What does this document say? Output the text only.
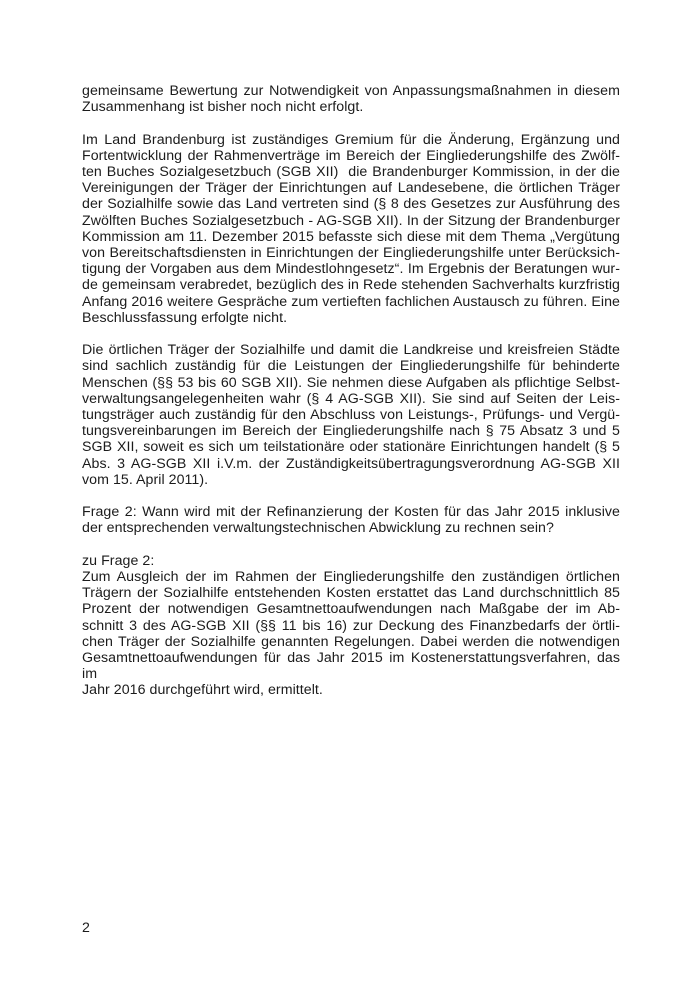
gemeinsame Bewertung zur Notwendigkeit von Anpassungsmaßnahmen in diesem
Zusammenhang ist bisher noch nicht erfolgt.
Im Land Brandenburg ist zuständiges Gremium für die Änderung, Ergänzung und
Fortentwicklung der Rahmenverträge im Bereich der Eingliederungshilfe des Zwölf-
ten Buches Sozialgesetzbuch (SGB XII)  die Brandenburger Kommission, in der die
Vereinigungen der Träger der Einrichtungen auf Landesebene, die örtlichen Träger
der Sozialhilfe sowie das Land vertreten sind (§ 8 des Gesetzes zur Ausführung des
Zwölften Buches Sozialgesetzbuch - AG-SGB XII). In der Sitzung der Brandenburger
Kommission am 11. Dezember 2015 befasste sich diese mit dem Thema „Vergütung
von Bereitschaftsdiensten in Einrichtungen der Eingliederungshilfe unter Berücksich-
tigung der Vorgaben aus dem Mindestlohngesetz“. Im Ergebnis der Beratungen wur-
de gemeinsam verabredet, bezüglich des in Rede stehenden Sachverhalts kurzfristig
Anfang 2016 weitere Gespräche zum vertieften fachlichen Austausch zu führen. Eine
Beschlussfassung erfolgte nicht.
Die örtlichen Träger der Sozialhilfe und damit die Landkreise und kreisfreien Städte
sind sachlich zuständig für die Leistungen der Eingliederungshilfe für behinderte
Menschen (§§ 53 bis 60 SGB XII). Sie nehmen diese Aufgaben als pflichtige Selbst-
verwaltungsangelegenheiten wahr (§ 4 AG-SGB XII). Sie sind auf Seiten der Leis-
tungsträger auch zuständig für den Abschluss von Leistungs-, Prüfungs- und Vergü-
tungsvereinbarungen im Bereich der Eingliederungshilfe nach § 75 Absatz 3 und 5
SGB XII, soweit es sich um teilstationäre oder stationäre Einrichtungen handelt (§ 5
Abs. 3 AG-SGB XII i.V.m. der Zuständigkeitsübertragungsverordnung AG-SGB XII
vom 15. April 2011).
Frage 2: Wann wird mit der Refinanzierung der Kosten für das Jahr 2015 inklusive
der entsprechenden verwaltungstechnischen Abwicklung zu rechnen sein?
zu Frage 2:
Zum Ausgleich der im Rahmen der Eingliederungshilfe den zuständigen örtlichen
Trägern der Sozialhilfe entstehenden Kosten erstattet das Land durchschnittlich 85
Prozent der notwendigen Gesamtnettoaufwendungen nach Maßgabe der im Ab-
schnitt 3 des AG-SGB XII (§§ 11 bis 16) zur Deckung des Finanzbedarfs der örtli-
chen Träger der Sozialhilfe genannten Regelungen. Dabei werden die notwendigen
Gesamtnettoaufwendungen für das Jahr 2015 im Kostenerstattungsverfahren, das im
Jahr 2016 durchgeführt wird, ermittelt.
2
